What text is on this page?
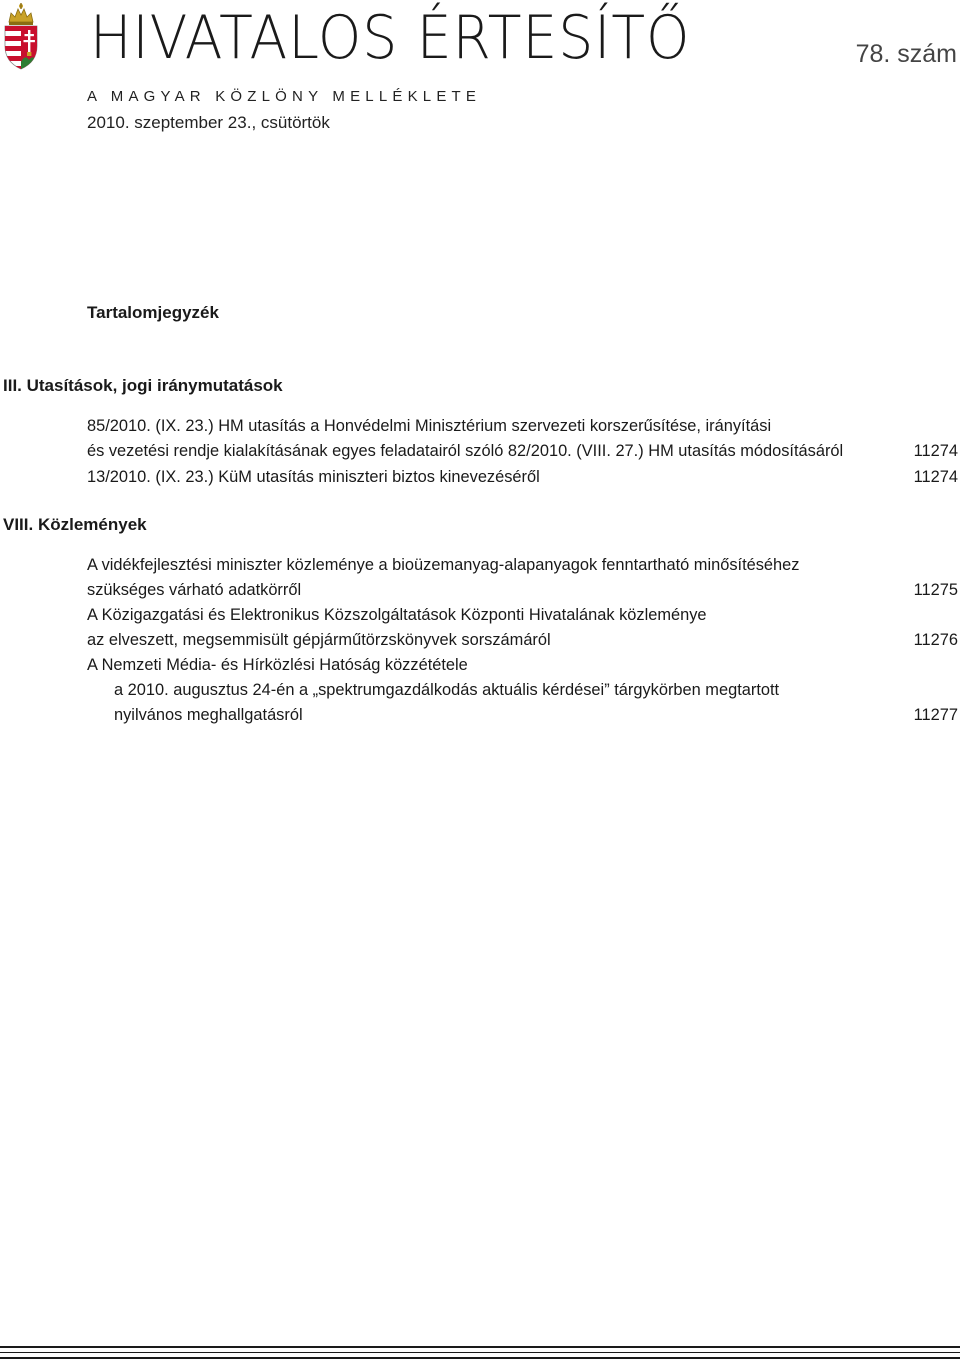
HIVATALOS ÉRTESÍTŐ	78. szám
A MAGYAR KÖZLÖNY MELLÉKLETE
2010. szeptember 23., csütörtök
Tartalomjegyzék
III. Utasítások, jogi iránymutatások
85/2010. (IX. 23.) HM utasítás a Honvédelmi Minisztérium szervezeti korszerűsítése, irányítási
és vezetési rendje kialakításának egyes feladatairól szóló 82/2010. (VIII. 27.) HM utasítás módosításáról	11274
13/2010. (IX. 23.) KüM utasítás miniszteri biztos kinevezéséről	11274
VIII. Közlemények
A vidékfejlesztési miniszter közleménye a bioüzemanyag-alapanyagok fenntartható minősítéséhez
szükséges várható adatkörről	11275
A Közigazgatási és Elektronikus Közszolgáltatások Központi Hivatalának közleménye
az elveszett, megsemmisült gépjárműtörzskönyvek sorszámáról	11276
A Nemzeti Média- és Hírközlési Hatóság közzététele
a 2010. augusztus 24-én a „spektrumgazdálkodás aktuális kérdései” tárgykörben megtartott
nyilvános meghallgatásról	11277
